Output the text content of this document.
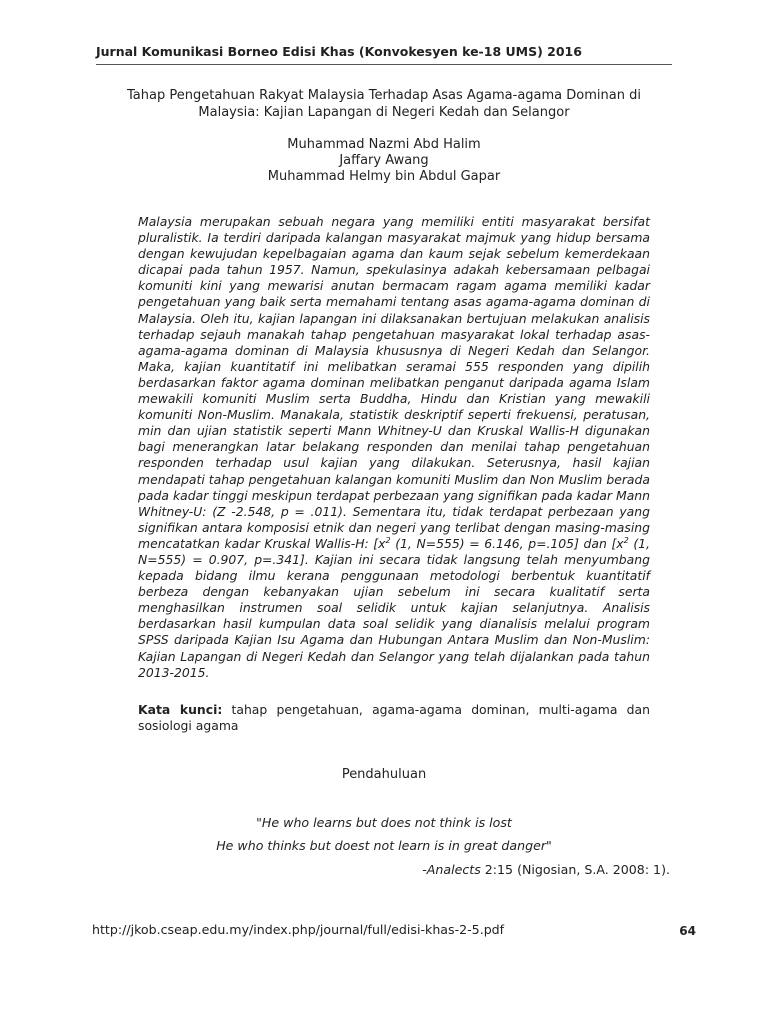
Jurnal Komunikasi Borneo Edisi Khas (Konvokesyen ke-18 UMS) 2016
Tahap Pengetahuan Rakyat Malaysia Terhadap Asas Agama-agama Dominan di
Malaysia: Kajian Lapangan di Negeri Kedah dan Selangor
Muhammad Nazmi Abd Halim
Jaffary Awang
Muhammad Helmy bin Abdul Gapar

Malaysia merupakan sebuah negara yang memiliki entiti masyarakat bersifat pluralistik. Ia terdiri daripada kalangan masyarakat majmuk yang hidup bersama dengan kewujudan kepelbagaian agama dan kaum sejak sebelum kemerdekaan dicapai pada tahun 1957. Namun, spekulasinya adakah kebersamaan pelbagai komuniti kini yang mewarisi anutan bermacam ragam agama memiliki kadar pengetahuan yang baik serta memahami tentang asas agama-agama dominan di Malaysia. Oleh itu, kajian lapangan ini dilaksanakan bertujuan melakukan analisis terhadap sejauh manakah tahap pengetahuan masyarakat lokal terhadap asas-agama-agama dominan di Malaysia khususnya di Negeri Kedah dan Selangor. Maka, kajian kuantitatif ini melibatkan seramai 555 responden yang dipilih berdasarkan faktor agama dominan melibatkan penganut daripada agama Islam mewakili komuniti Muslim serta Buddha, Hindu dan Kristian yang mewakili komuniti Non-Muslim. Manakala, statistik deskriptif seperti frekuensi, peratusan, min dan ujian statistik seperti Mann Whitney-U dan Kruskal Wallis-H digunakan bagi menerangkan latar belakang responden dan menilai tahap pengetahuan responden terhadap usul kajian yang dilakukan. Seterusnya, hasil kajian mendapati tahap pengetahuan kalangan komuniti Muslim dan Non Muslim berada pada kadar tinggi meskipun terdapat perbezaan yang signifikan pada kadar Mann Whitney-U: (Z -2.548, p = .011). Sementara itu, tidak terdapat perbezaan yang signifikan antara komposisi etnik dan negeri yang terlibat dengan masing-masing mencatatkan kadar Kruskal Wallis-H: [$x^2$ (1, N=555) = 6.146, p=.105] dan [$x^2$ (1, N=555) = 0.907, p=.341]. Kajian ini secara tidak langsung telah menyumbang kepada bidang ilmu kerana penggunaan metodologi berbentuk kuantitatif berbeza dengan kebanyakan ujian sebelum ini secara kualitatif serta menghasilkan instrumen soal selidik untuk kajian selanjutnya. Analisis berdasarkan hasil kumpulan data soal selidik yang dianalisis melalui program SPSS daripada Kajian Isu Agama dan Hubungan Antara Muslim dan Non-Muslim: Kajian Lapangan di Negeri Kedah dan Selangor yang telah dijalankan pada tahun 2013-2015.

Kata kunci: tahap pengetahuan, agama-agama dominan, multi-agama dan sosiologi agama
Pendahuluan
"He who learns but does not think is lost
He who thinks but doest not learn is in great danger"
-Analects 2:15 (Nigosian, S.A. 2008: 1).
http://jkob.cseap.edu.my/index.php/journal/full/edisi-khas-2-5.pdf	64
